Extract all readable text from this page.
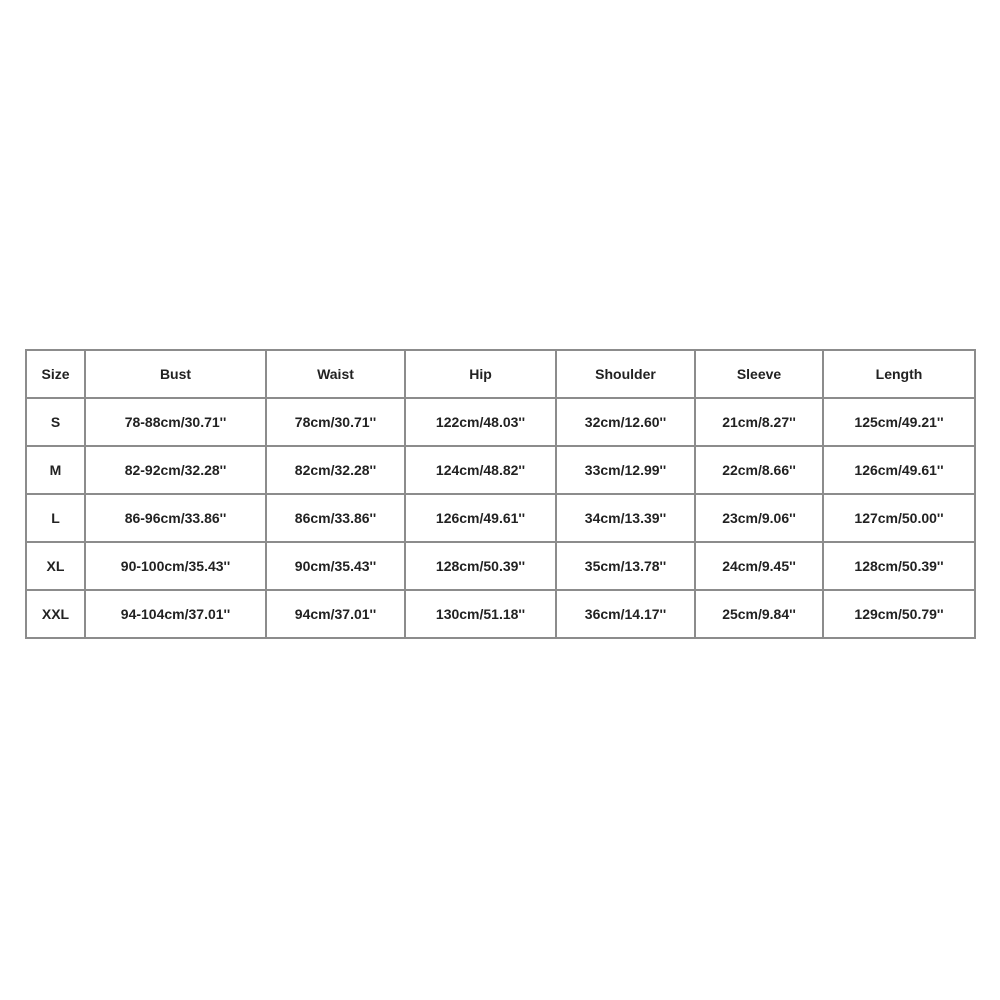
Size	Bust	Waist	Hip	Shoulder	Sleeve	Length
S	78-88cm/30.71''	78cm/30.71''	122cm/48.03''	32cm/12.60''	21cm/8.27''	125cm/49.21''
M	82-92cm/32.28''	82cm/32.28''	124cm/48.82''	33cm/12.99''	22cm/8.66''	126cm/49.61''
L	86-96cm/33.86''	86cm/33.86''	126cm/49.61''	34cm/13.39''	23cm/9.06''	127cm/50.00''
XL	90-100cm/35.43''	90cm/35.43''	128cm/50.39''	35cm/13.78''	24cm/9.45''	128cm/50.39''
XXL	94-104cm/37.01''	94cm/37.01''	130cm/51.18''	36cm/14.17''	25cm/9.84''	129cm/50.79''
